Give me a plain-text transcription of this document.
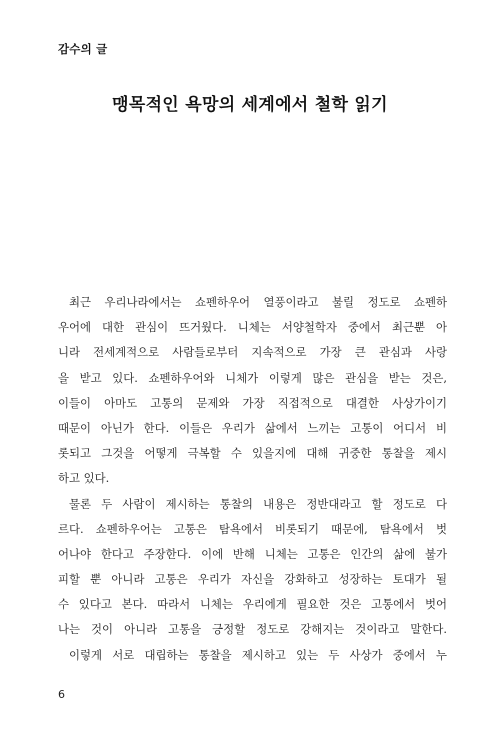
감수의 글
맹목적인 욕망의 세계에서 철학 읽기
최근 우리나라에서는 쇼펜하우어 열풍이라고 불릴 정도로 쇼펜하
우어에 대한 관심이 뜨거웠다. 니체는 서양철학자 중에서 최근뿐 아
니라 전세계적으로 사람들로부터 지속적으로 가장 큰 관심과 사랑
을 받고 있다. 쇼펜하우어와 니체가 이렇게 많은 관심을 받는 것은,
이들이 아마도 고통의 문제와 가장 직접적으로 대결한 사상가이기
때문이 아닌가 한다. 이들은 우리가 삶에서 느끼는 고통이 어디서 비
롯되고 그것을 어떻게 극복할 수 있을지에 대해 귀중한 통찰을 제시
하고 있다.
물론 두 사람이 제시하는 통찰의 내용은 정반대라고 할 정도로 다
르다. 쇼펜하우어는 고통은 탐욕에서 비롯되기 때문에, 탐욕에서 벗
어나야 한다고 주장한다. 이에 반해 니체는 고통은 인간의 삶에 불가
피할 뿐 아니라 고통은 우리가 자신을 강화하고 성장하는 토대가 될
수 있다고 본다. 따라서 니체는 우리에게 필요한 것은 고통에서 벗어
나는 것이 아니라 고통을 긍정할 정도로 강해지는 것이라고 말한다.
이렇게 서로 대립하는 통찰을 제시하고 있는 두 사상가 중에서 누
6
